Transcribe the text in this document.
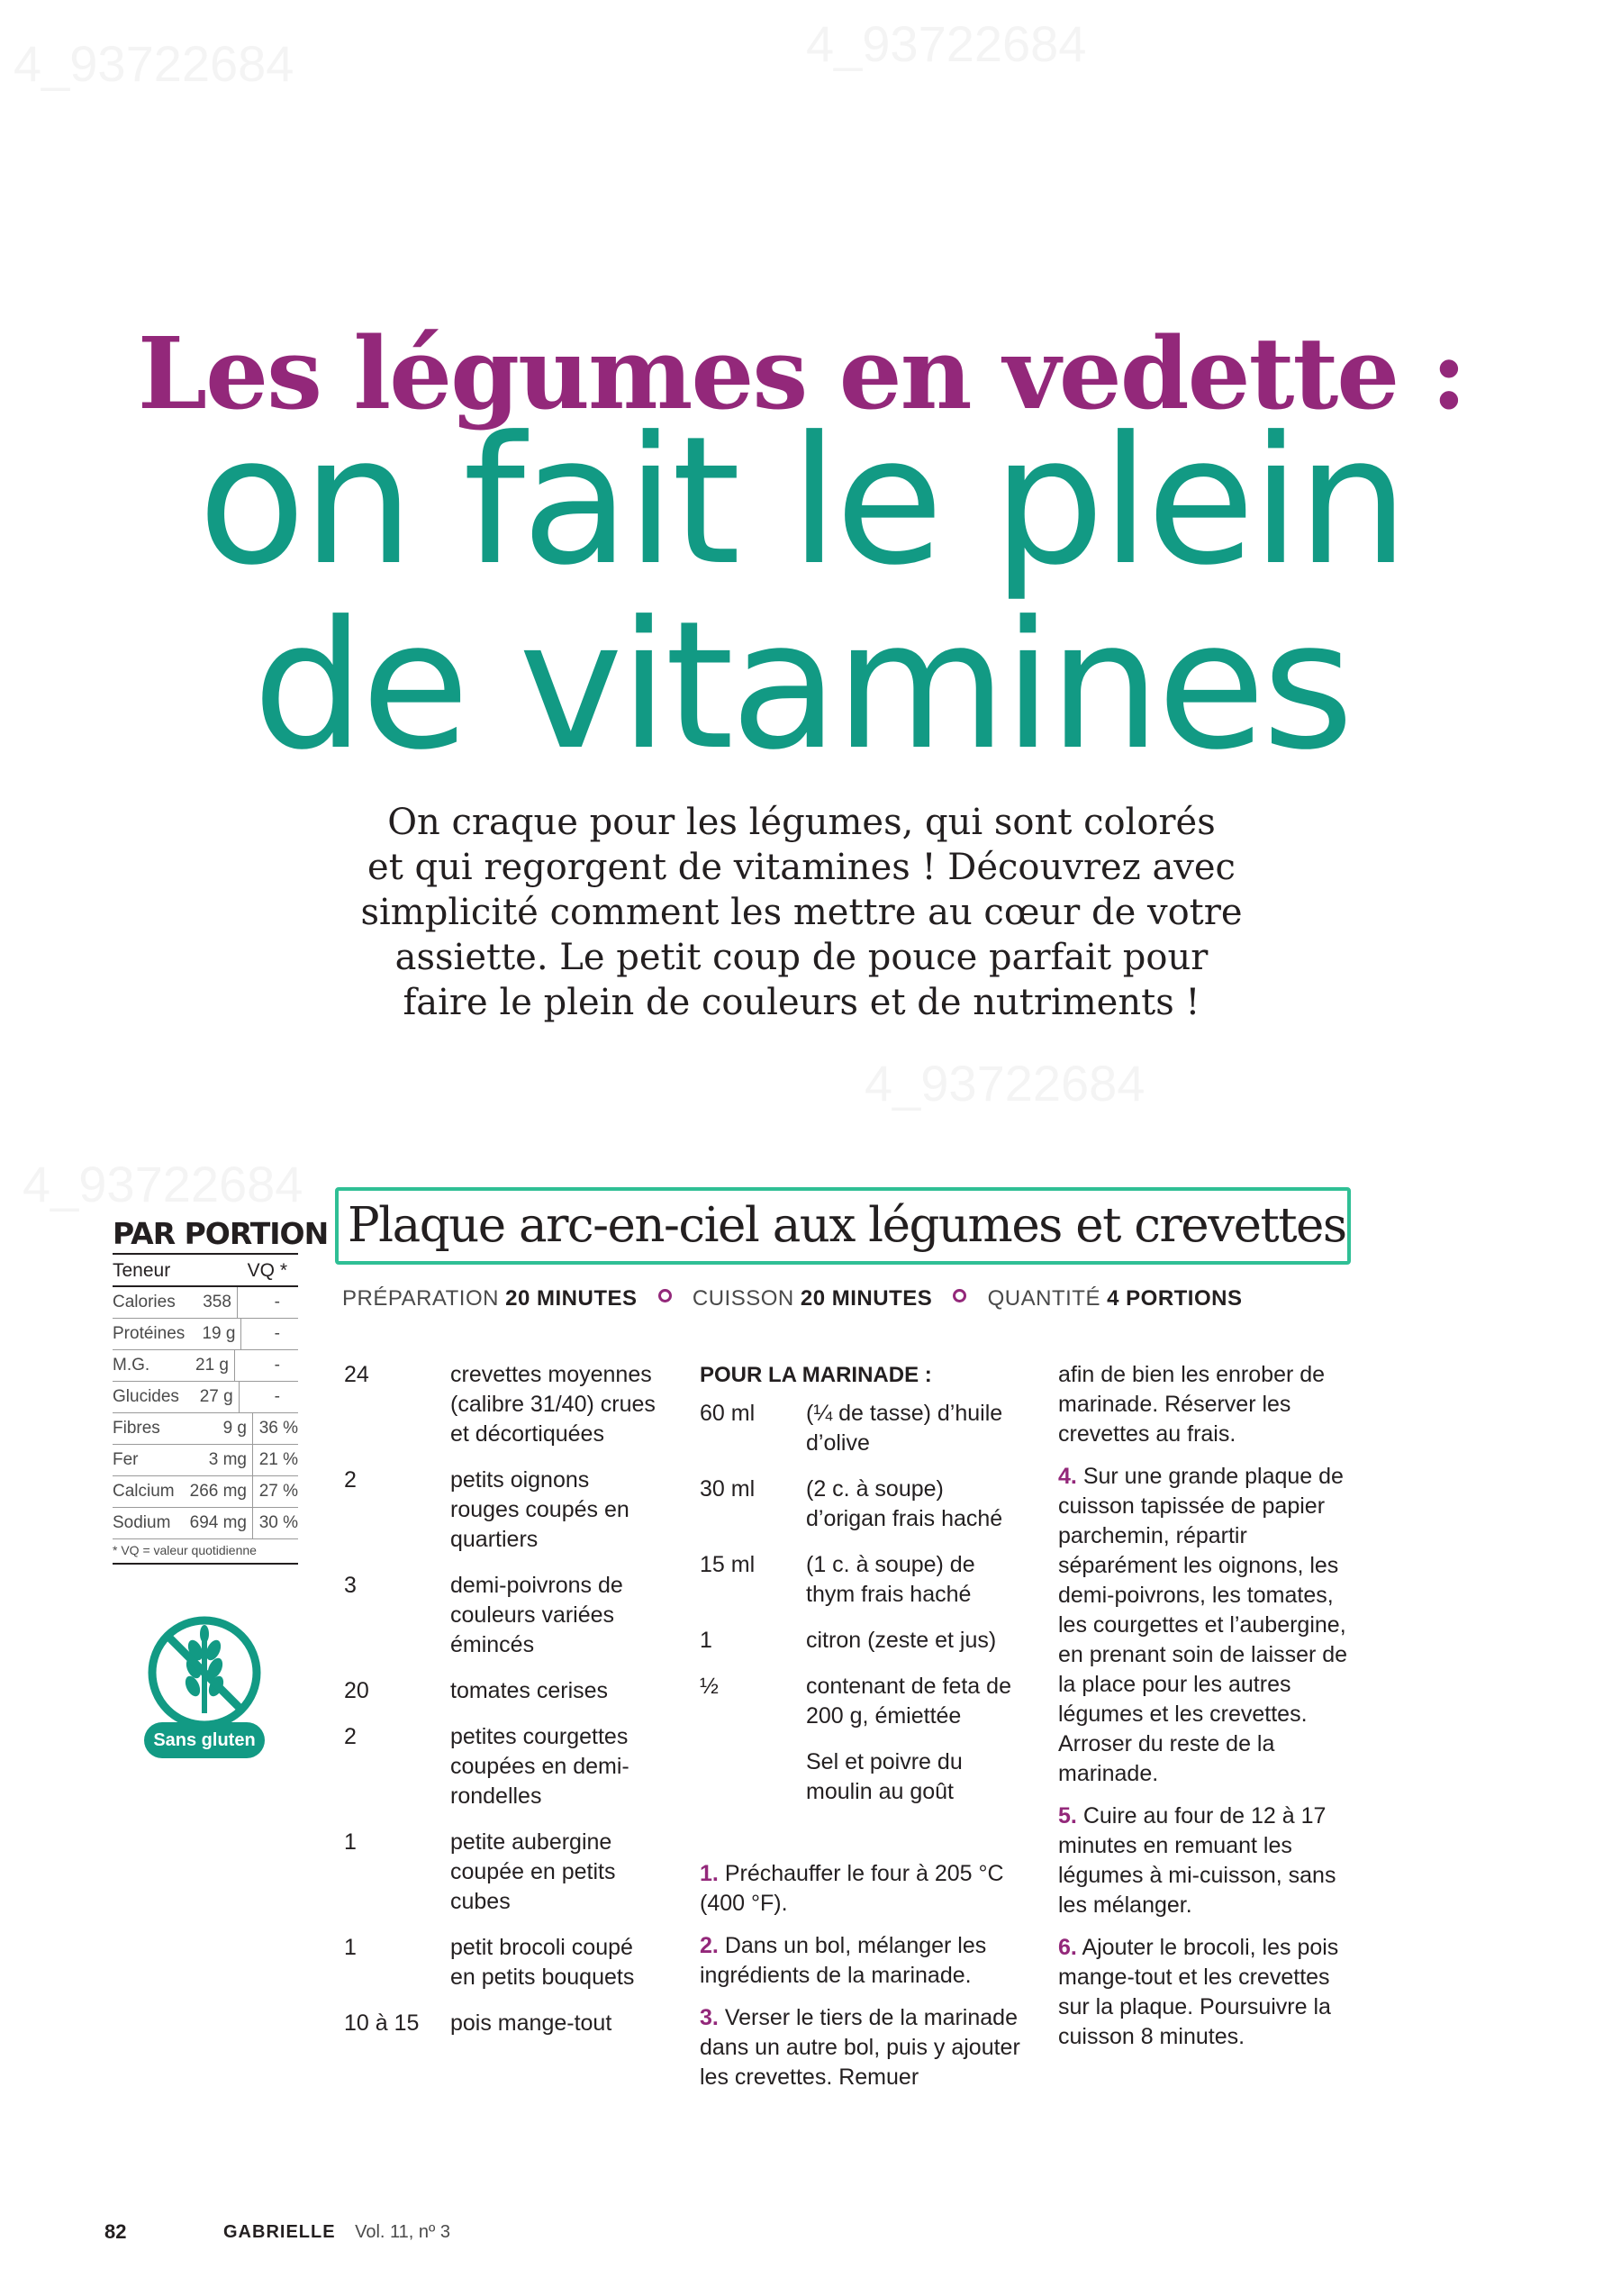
4_93722684	4_93722684
4_93722684
4_93722684
Les légumes en vedette :
on fait le plein
de vitamines
On craque pour les légumes, qui sont colorés
et qui regorgent de vitamines ! Découvrez avec
simplicité comment les mettre au cœur de votre
assiette. Le petit coup de pouce parfait pour
faire le plein de couleurs et de nutriments !
PAR PORTION
Teneur	VQ *
Calories	358	-
Protéines	19 g	-
M.G.	21 g	-
Glucides	27 g	-
Fibres	9 g 36 %
Fer	3 mg 21 %
Calcium 266 mg 27 %
Sodium	694 mg 30 %
* VQ = valeur quotidienne
Sans gluten
Plaque arc-en-ciel aux légumes et crevettes
PRÉPARATION 20 MINUTES	CUISSON 20 MINUTES	QUANTITÉ 4 PORTIONS
24	crevettes moyennes (calibre 31/40) crues et décortiquées
2	petits oignons rouges coupés en quartiers
3	demi-poivrons de couleurs variées émincés
20	tomates cerises
2	petites courgettes coupées en demi-rondelles
1	petite aubergine coupée en petits cubes
1	petit brocoli coupé en petits bouquets
10 à 15	pois mange-tout
POUR LA MARINADE :
60 ml	(¼ de tasse) d’huile d’olive
30 ml	(2 c. à soupe) d’origan frais haché
15 ml	(1 c. à soupe) de thym frais haché
1	citron (zeste et jus)
½	contenant de feta de 200 g, émiettée
Sel et poivre du moulin au goût
1. Préchauffer le four à 205 °C (400 °F).
2. Dans un bol, mélanger les ingrédients de la marinade.
3. Verser le tiers de la marinade dans un autre bol, puis y ajouter les crevettes. Remuer
afin de bien les enrober de marinade. Réserver les crevettes au frais.
4. Sur une grande plaque de cuisson tapissée de papier parchemin, répartir séparément les oignons, les demi-poivrons, les tomates, les courgettes et l’aubergine, en prenant soin de laisser de la place pour les autres légumes et les crevettes. Arroser du reste de la marinade.
5. Cuire au four de 12 à 17 minutes en remuant les légumes à mi-cuisson, sans les mélanger.
6. Ajouter le brocoli, les pois mange-tout et les crevettes sur la plaque. Poursuivre la cuisson 8 minutes.
82	GABRIELLE Vol. 11, nº 3
